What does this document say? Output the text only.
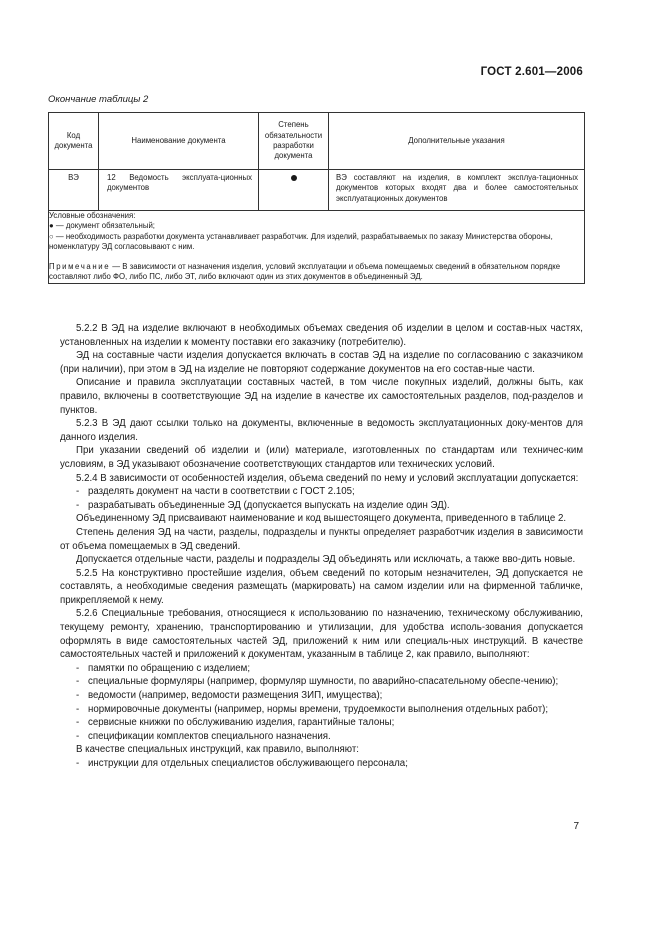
ГОСТ 2.601—2006
Окончание таблицы 2
Код документа	Наименование документа	Степень обязательности разработки документа	Дополнительные указания
ВЭ	12 Ведомость эксплуата-ционных документов		ВЭ составляют на изделия, в комплект эксплуа-тационных документов которых входят два и более самостоятельных эксплуатационных документов

Условные обозначения:

● — документ обязательный;

○ — необходимость разработки документа устанавливает разработчик. Для изделий, разрабатываемых по заказу Министерства обороны, номенклатуру ЭД согласовывают с ним.

Примечание — В зависимости от назначения изделия, условий эксплуатации и объема помещаемых сведений в обязательном порядке составляют либо ФО, либо ПС, либо ЭТ, либо включают один из этих документов в объединенный ЭД.			

5.2.2 В ЭД на изделие включают в необходимых объемах сведения об изделии в целом и состав-ных частях, установленных на изделии к моменту поставки его заказчику (потребителю).

ЭД на составные части изделия допускается включать в состав ЭД на изделие по согласованию с заказчиком (при наличии), при этом в ЭД на изделие не повторяют содержание документов на его состав-ные части.

Описание и правила эксплуатации составных частей, в том числе покупных изделий, должны быть, как правило, включены в соответствующие ЭД на изделие в качестве их самостоятельных разделов, под-разделов и пунктов.

5.2.3 В ЭД дают ссылки только на документы, включенные в ведомость эксплуатационных доку-ментов для данного изделия.

При указании сведений об изделии и (или) материале, изготовленных по стандартам или техничес-ким условиям, в ЭД указывают обозначение соответствующих стандартов или технических условий.

5.2.4 В зависимости от особенностей изделия, объема сведений по нему и условий эксплуатации допускается:

- разделять документ на части в соответствии с ГОСТ 2.105;

- разрабатывать объединенные ЭД (допускается выпускать на изделие один ЭД).

Объединенному ЭД присваивают наименование и код вышестоящего документа, приведенного в таблице 2.

Степень деления ЭД на части, разделы, подразделы и пункты определяет разработчик изделия в зависимости от объема помещаемых в ЭД сведений.

Допускается отдельные части, разделы и подразделы ЭД объединять или исключать, а также вво-дить новые.

5.2.5 На конструктивно простейшие изделия, объем сведений по которым незначителен, ЭД допускается не составлять, а необходимые сведения размещать (маркировать) на самом изделии или на фирменной табличке, прикрепляемой к нему.

5.2.6 Специальные требования, относящиеся к использованию по назначению, техническому обслуживанию, текущему ремонту, хранению, транспортированию и утилизации, для удобства исполь-зования допускается оформлять в виде самостоятельных частей ЭД, приложений к ним или специаль-ных инструкций. В качестве самостоятельных частей и приложений к документам, указанным в таблице 2, как правило, выполняют:

- памятки по обращению с изделием;

- специальные формуляры (например, формуляр шумности, по аварийно-спасательному обеспе-чению);

- ведомости (например, ведомости размещения ЗИП, имущества);

- нормировочные документы (например, нормы времени, трудоемкости выполнения отдельных работ);

- сервисные книжки по обслуживанию изделия, гарантийные талоны;

- спецификации комплектов специального назначения.

В качестве специальных инструкций, как правило, выполняют:

- инструкции для отдельных специалистов обслуживающего персонала;

7
